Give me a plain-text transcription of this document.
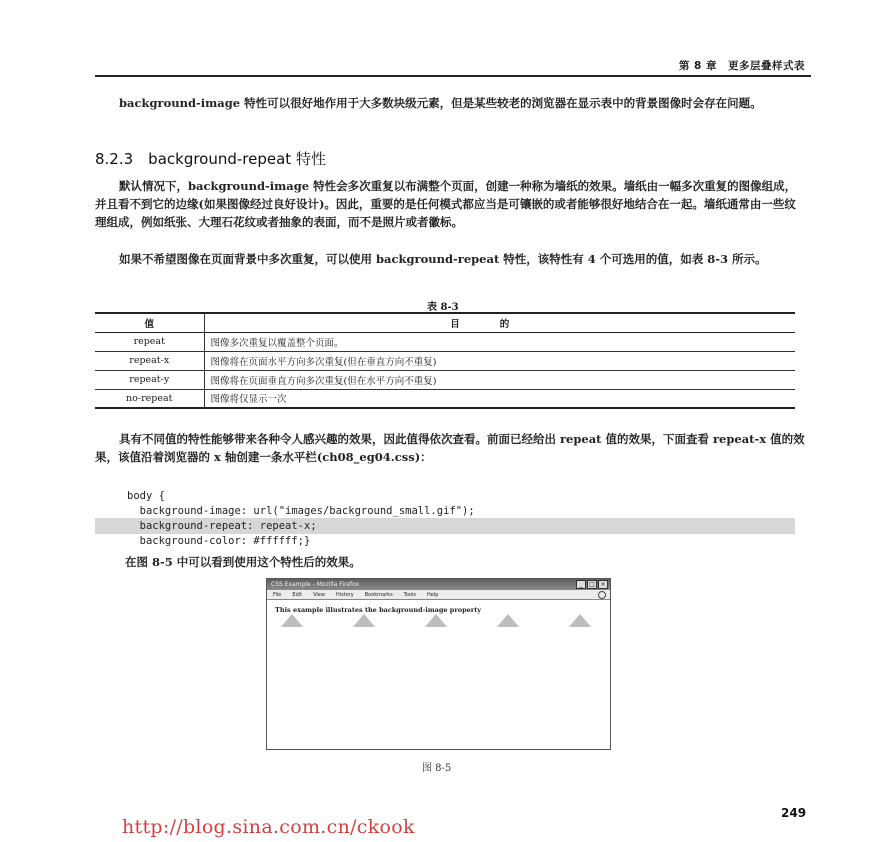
第 8 章　更多层叠样式表

background-image 特性可以很好地作用于大多数块级元素，但是某些较老的浏览器在显示表中的背景图像时会存在问题。

8.2.3　background-repeat 特性

默认情况下，background-image 特性会多次重复以布满整个页面，创建一种称为墙纸的效果。墙纸由一幅多次重复的图像组成，并且看不到它的边缘(如果图像经过良好设计)。因此，重要的是任何模式都应当是可镶嵌的或者能够很好地结合在一起。墙纸通常由一些纹理组成，例如纸张、大理石花纹或者抽象的表面，而不是照片或者徽标。

如果不希望图像在页面背景中多次重复，可以使用 background-repeat 特性，该特性有 4 个可选用的值，如表 8-3 所示。

表 8-3
值	目的
repeat	图像多次重复以覆盖整个页面。
repeat-x	图像将在页面水平方向多次重复(但在垂直方向不重复)
repeat-y	图像将在页面垂直方向多次重复(但在水平方向不重复)
no-repeat	图像将仅显示一次

具有不同值的特性能够带来各种令人感兴趣的效果，因此值得依次查看。前面已经给出 repeat 值的效果，下面查看 repeat-x 值的效果，该值沿着浏览器的 x 轴创建一条水平栏(ch08_eg04.css)：

body {
background-image: url("images/background_small.gif");
background-repeat: repeat-x;
background-color: #ffffff;}

在图 8-5 中可以看到使用这个特性后的效果。

CSS Example - Mozilla Firefox	_	□ ×
File Edit View History Bookmarks Tools Help
This example illustrates the background-image property
图 8-5
249
http://blog.sina.com.cn/ckook
